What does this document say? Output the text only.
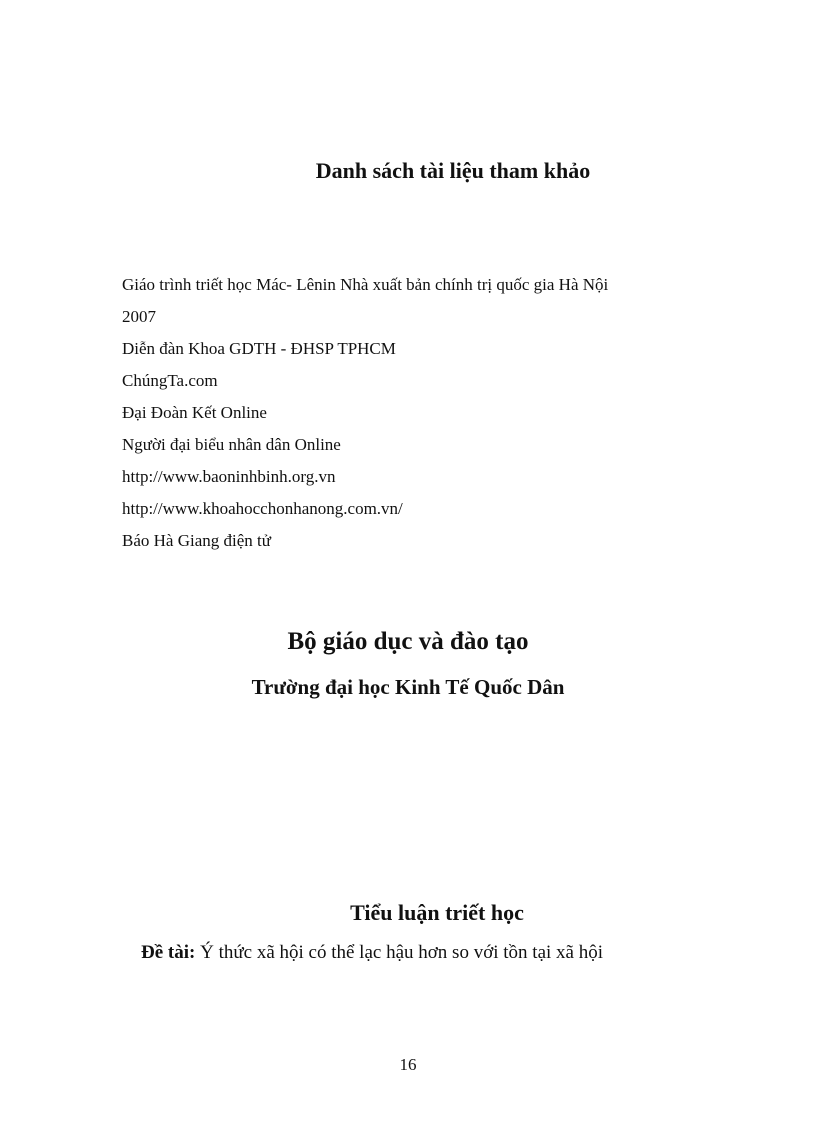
Danh sách tài liệu tham khảo
Giáo trình triết học Mác- Lênin Nhà xuất bản chính trị quốc gia Hà Nội
2007
Diễn đàn Khoa GDTH - ĐHSP TPHCM
ChúngTa.com
Đại Đoàn Kết Online
Người đại biểu nhân dân Online
http://www.baoninhbinh.org.vn
http://www.khoahocchonhanong.com.vn/
Báo Hà Giang điện tử
Bộ giáo dục và đào tạo
Trường đại học Kinh Tế Quốc Dân
Tiểu luận triết học
Đề tài: Ý thức xã hội có thể lạc hậu hơn so với tồn tại xã hội
16
